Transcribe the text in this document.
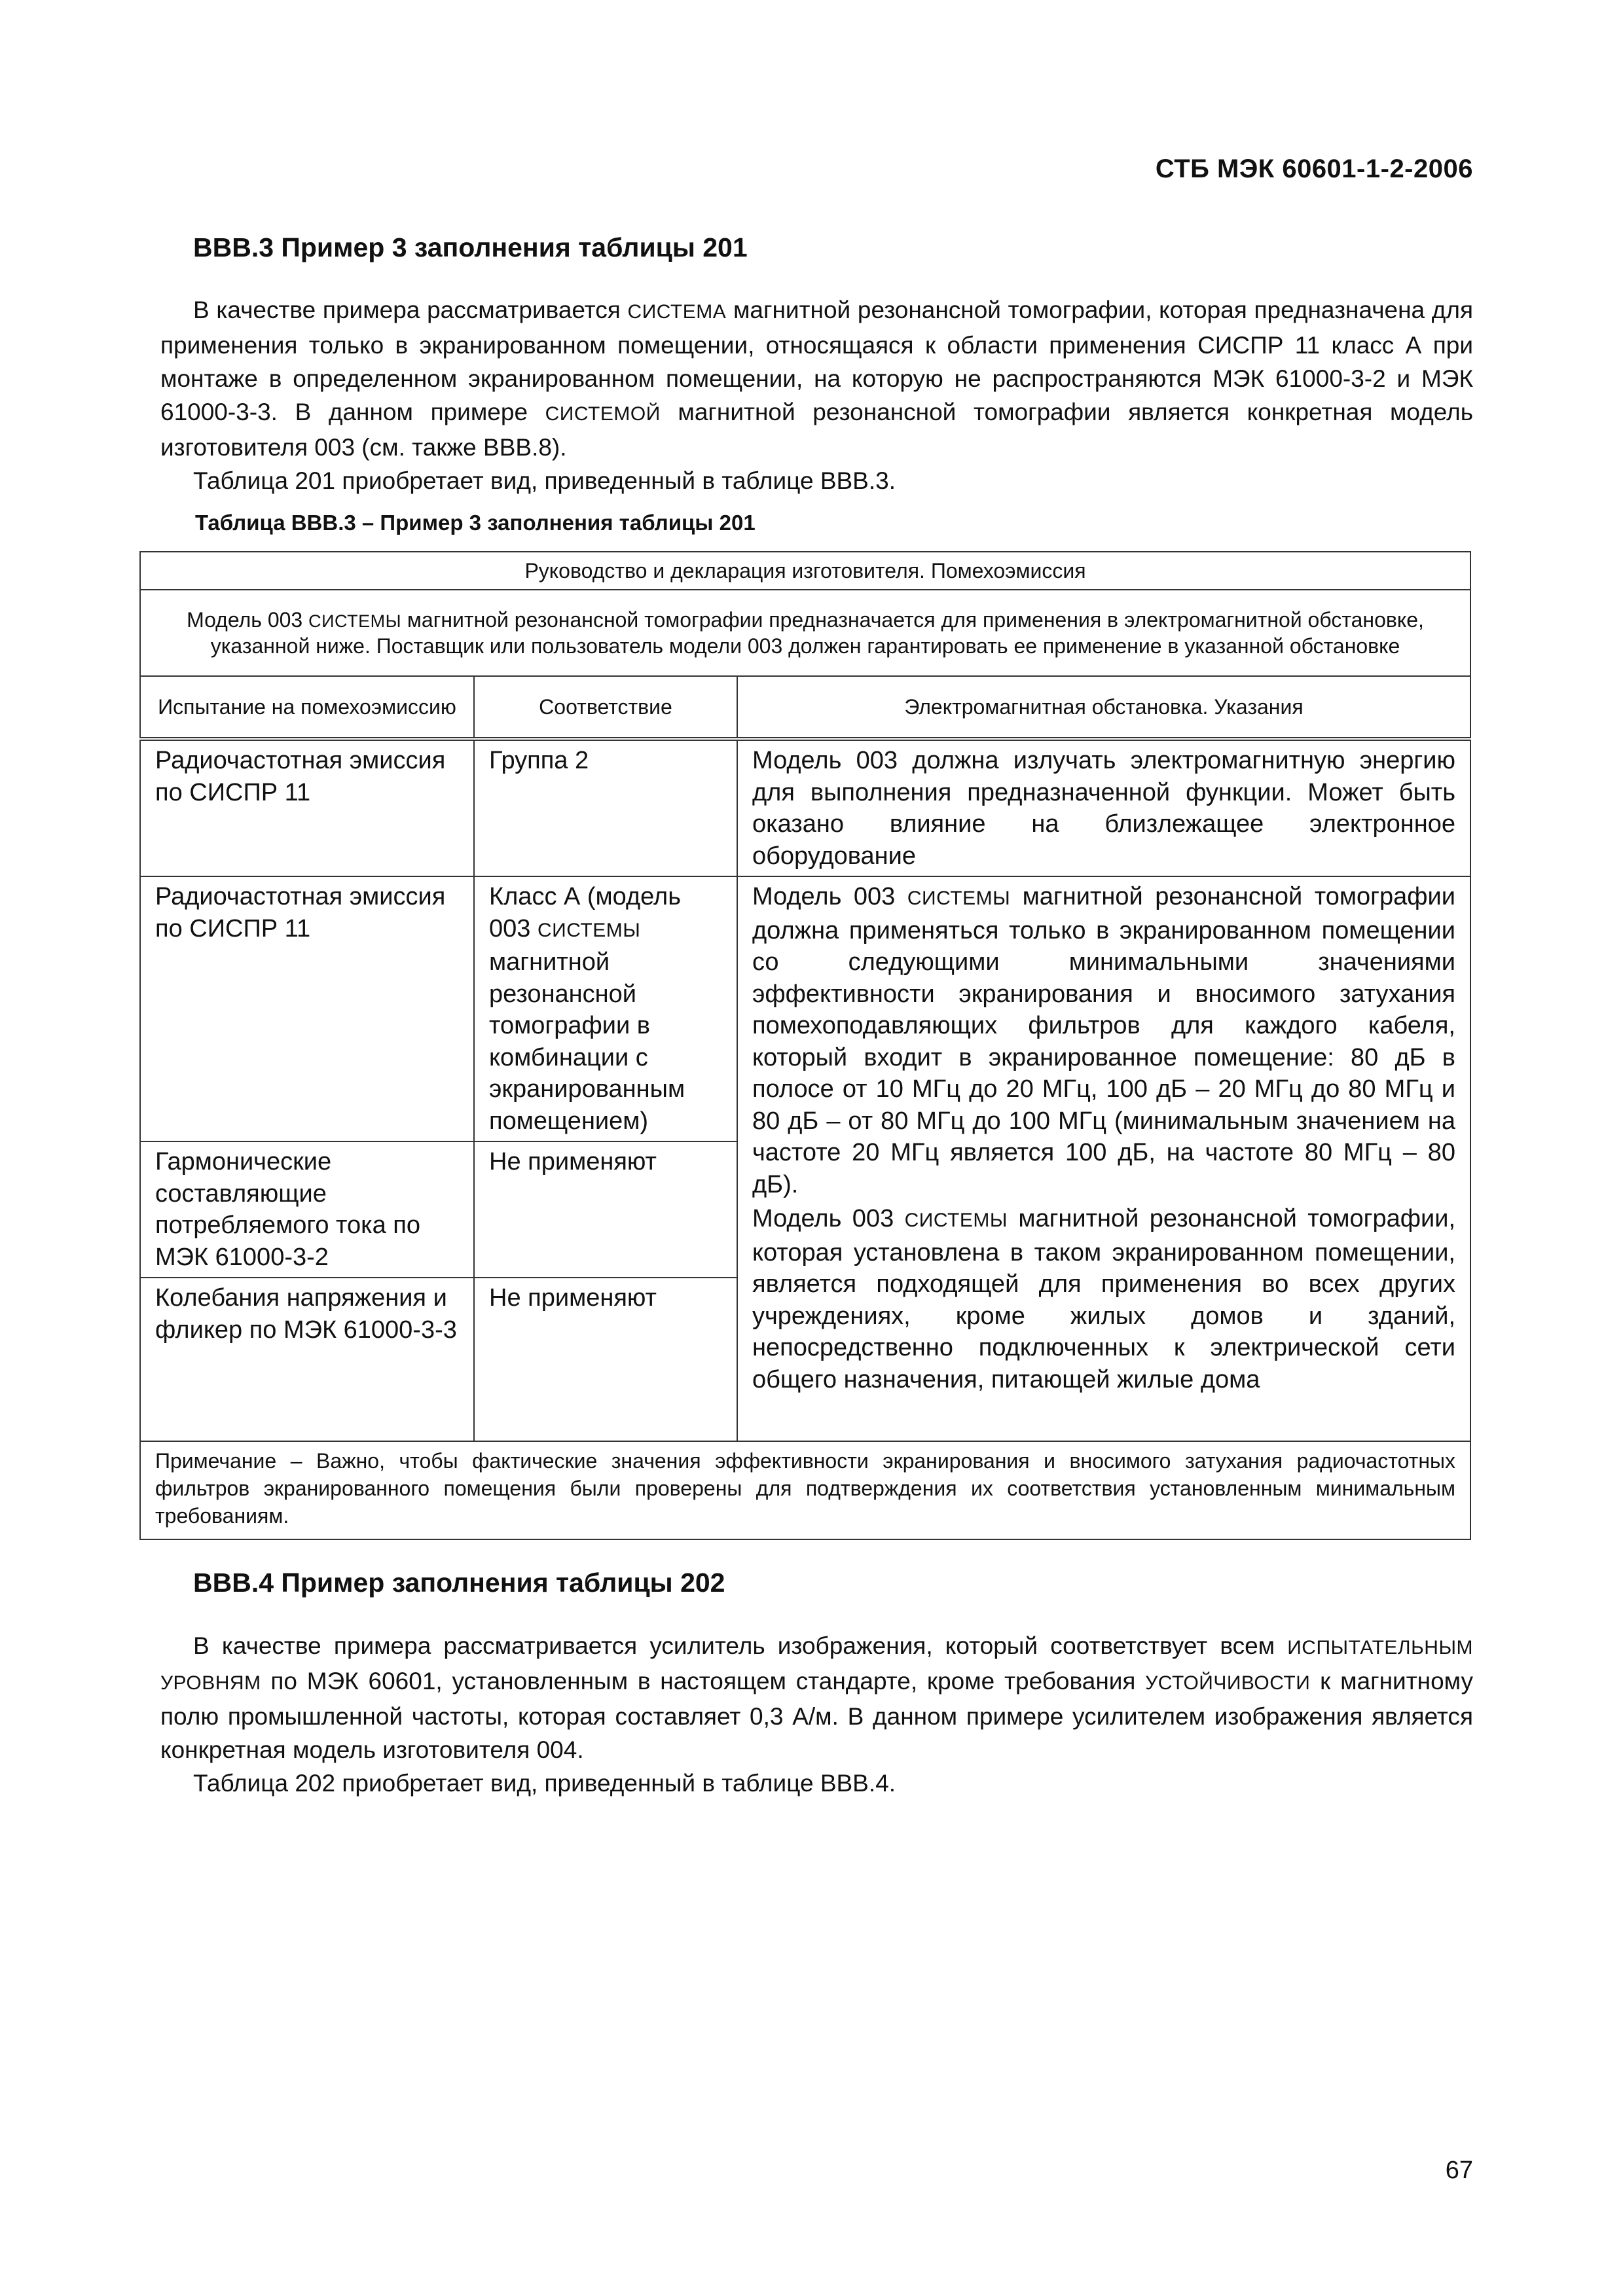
СТБ МЭК 60601-1-2-2006
ВВВ.3 Пример 3 заполнения таблицы 201

В качестве примера рассматривается СИСТЕМА магнитной резонансной томографии, которая предназначена для применения только в экранированном помещении, относящаяся к области применения СИСПР 11 класс А при монтаже в определенном экранированном помещении, на которую не распространяются МЭК 61000-3-2 и МЭК 61000-3-3. В данном примере СИСТЕМОЙ магнитной резонансной томографии является конкретная модель изготовителя 003 (см. также ВВВ.8).

Таблица 201 приобретает вид, приведенный в таблице ВВВ.3.

Таблица ВВВ.3 – Пример 3 заполнения таблицы 201
Руководство и декларация изготовителя. Помехоэмиссия		
Модель 003 СИСТЕМЫ магнитной резонансной томографии предназначается для применения в электромагнитной обстановке, указанной ниже. Поставщик или пользователь модели 003 должен гарантировать ее применение в указанной обстановке		
Испытание на помехоэмиссию	Соответствие	Электромагнитная обстановка. Указания
Радиочастотная эмиссия по СИСПР 11	Группа 2	Модель 003 должна излучать электромагнитную энергию для выполнения предназначенной функции. Может быть оказано влияние на близлежащее электронное оборудование
Радиочастотная эмиссия по СИСПР 11	Класс А (модель 003 СИСТЕМЫ магнитной резонансной томографии в комбинации с экранированным помещением)	Модель 003 СИСТЕМЫ магнитной резонансной томографии должна применяться только в экранированном помещении со следующими минимальными значениями эффективности экранирования и вносимого затухания помехоподавляющих фильтров для каждого кабеля, который входит в экранированное помещение: 80 дБ в полосе от 10 МГц до 20 МГц, 100 дБ – 20 МГц до 80 МГц и 80 дБ – от 80 МГц до 100 МГц (минимальным значением на частоте 20 МГц является 100 дБ, на частоте 80 МГц – 80 дБ).
Модель 003 СИСТЕМЫ магнитной резонансной томографии, которая установлена в таком экранированном помещении, является подходящей для применения во всех других учреждениях, кроме жилых домов и зданий, непосредственно подключенных к электрической сети общего назначения, питающей жилые дома

Гармонические составляющие потребляемого тока по МЭК 61000-3-2	Не применяют	
Колебания напряжения и фликер по МЭК 61000-3-3	Не применяют	
Примечание – Важно, чтобы фактические значения эффективности экранирования и вносимого затухания радиочастотных фильтров экранированного помещения были проверены для подтверждения их соответствия установленным минимальным требованиям.		
ВВВ.4 Пример заполнения таблицы 202

В качестве примера рассматривается усилитель изображения, который соответствует всем ИСПЫТАТЕЛЬНЫМ УРОВНЯМ по МЭК 60601, установленным в настоящем стандарте, кроме требования УСТОЙЧИВОСТИ к магнитному полю промышленной частоты, которая составляет 0,3 А/м. В данном примере усилителем изображения является конкретная модель изготовителя 004.

Таблица 202 приобретает вид, приведенный в таблице ВВВ.4.

67
